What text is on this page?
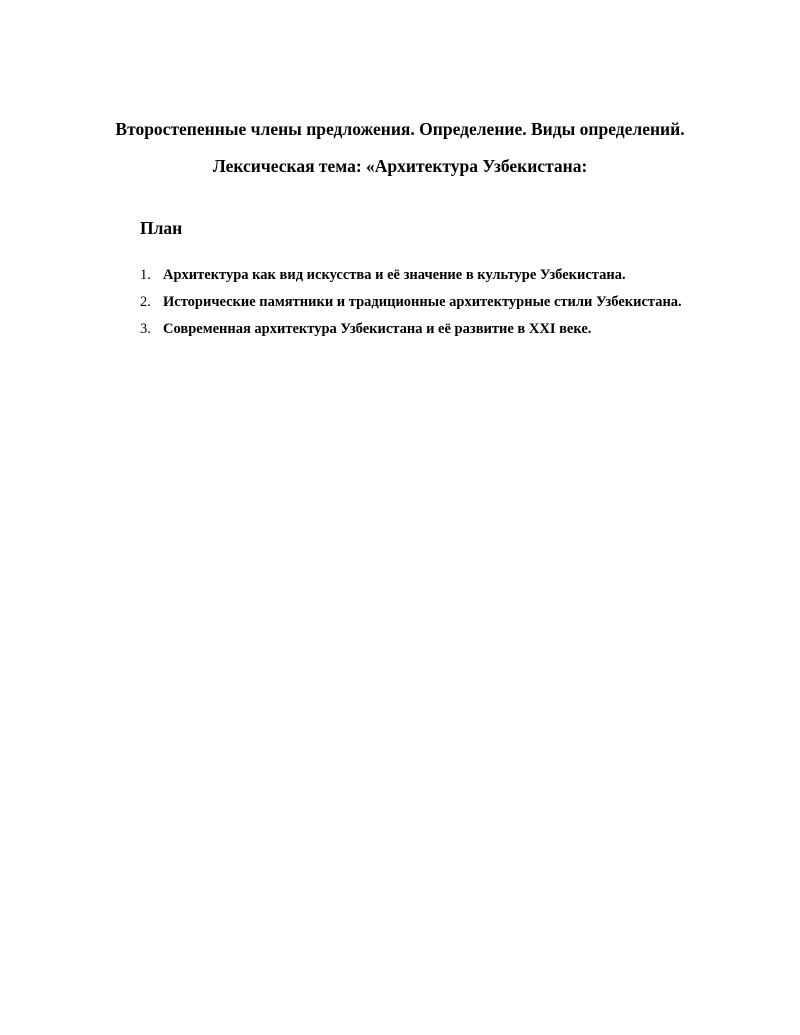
Второстепенные члены предложения. Определение. Виды определений.
Лексическая тема: «Архитектура Узбекистана:
План
1. Архитектура как вид искусства и её значение в культуре Узбекистана.
2. Исторические памятники и традиционные архитектурные стили Узбекистана.
3. Современная архитектура Узбекистана и её развитие в XXI веке.
